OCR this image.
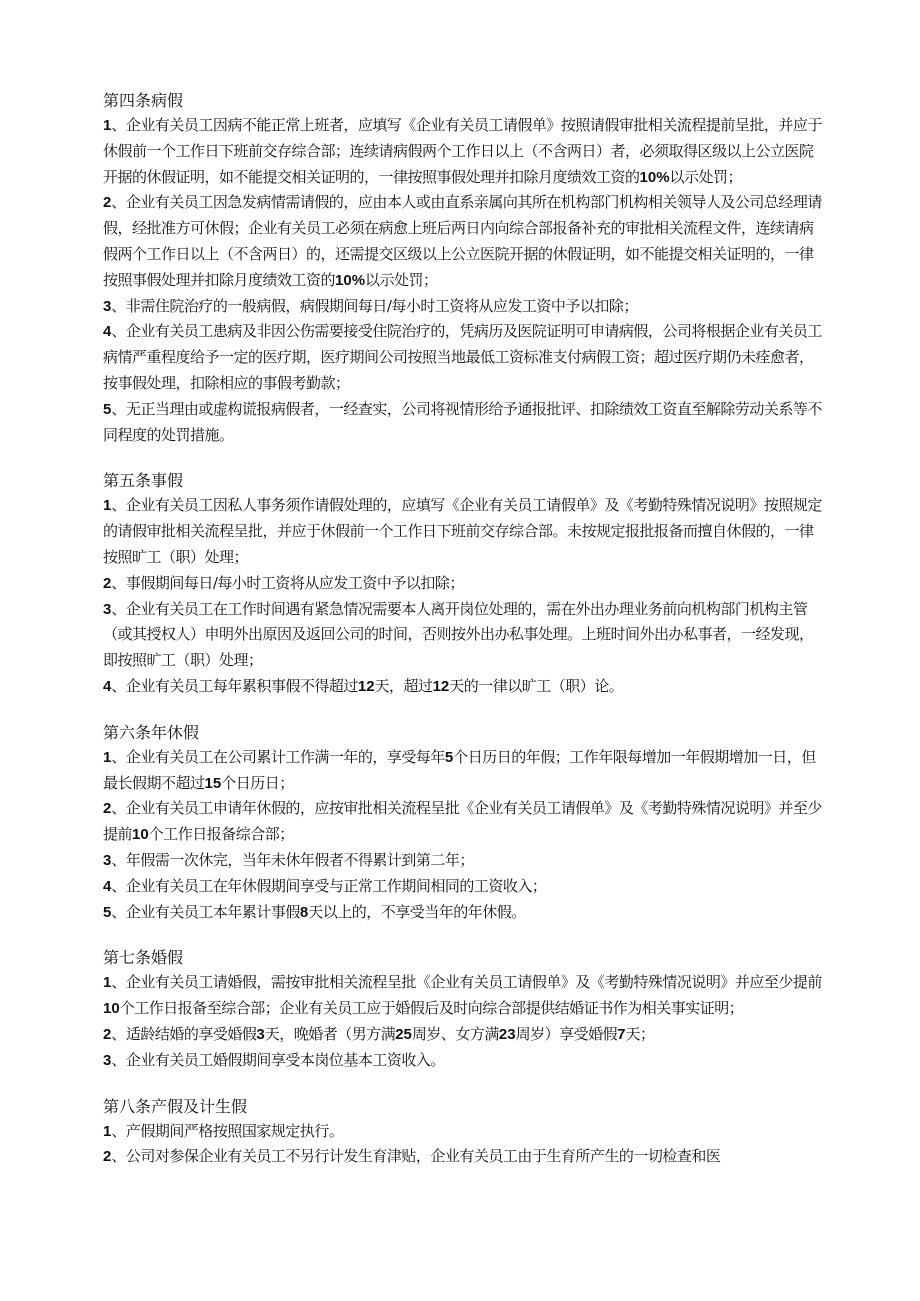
第四条病假

1、企业有关员工因病不能正常上班者，应填写《企业有关员工请假单》按照请假审批相关流程提前呈批，并应于休假前一个工作日下班前交存综合部；连续请病假两个工作日以上（不含两日）者，必须取得区级以上公立医院开据的休假证明，如不能提交相关证明的，一律按照事假处理并扣除月度绩效工资的10%以示处罚；

2、企业有关员工因急发病情需请假的，应由本人或由直系亲属向其所在机构部门机构相关领导人及公司总经理请假，经批准方可休假；企业有关员工必须在病愈上班后两日内向综合部报备补充的审批相关流程文件，连续请病假两个工作日以上（不含两日）的，还需提交区级以上公立医院开据的休假证明，如不能提交相关证明的，一律按照事假处理并扣除月度绩效工资的10%以示处罚；

3、非需住院治疗的一般病假，病假期间每日/每小时工资将从应发工资中予以扣除；

4、企业有关员工患病及非因公伤需要接受住院治疗的，凭病历及医院证明可申请病假，公司将根据企业有关员工病情严重程度给予一定的医疗期，医疗期间公司按照当地最低工资标准支付病假工资；超过医疗期仍未痊愈者，按事假处理，扣除相应的事假考勤款；

5、无正当理由或虚构谎报病假者，一经查实，公司将视情形给予通报批评、扣除绩效工资直至解除劳动关系等不同程度的处罚措施。

第五条事假

1、企业有关员工因私人事务须作请假处理的，应填写《企业有关员工请假单》及《考勤特殊情况说明》按照规定的请假审批相关流程呈批，并应于休假前一个工作日下班前交存综合部。未按规定报批报备而擅自休假的，一律按照旷工（职）处理；

2、事假期间每日/每小时工资将从应发工资中予以扣除；

3、企业有关员工在工作时间遇有紧急情况需要本人离开岗位处理的，需在外出办理业务前向机构部门机构主管（或其授权人）申明外出原因及返回公司的时间，否则按外出办私事处理。上班时间外出办私事者，一经发现，即按照旷工（职）处理；

4、企业有关员工每年累积事假不得超过12天，超过12天的一律以旷工（职）论。

第六条年休假

1、企业有关员工在公司累计工作满一年的，享受每年5个日历日的年假；工作年限每增加一年假期增加一日，但最长假期不超过15个日历日；

2、企业有关员工申请年休假的，应按审批相关流程呈批《企业有关员工请假单》及《考勤特殊情况说明》并至少提前10个工作日报备综合部；

3、年假需一次休完，当年未休年假者不得累计到第二年；

4、企业有关员工在年休假期间享受与正常工作期间相同的工资收入；

5、企业有关员工本年累计事假8天以上的，不享受当年的年休假。

第七条婚假

1、企业有关员工请婚假，需按审批相关流程呈批《企业有关员工请假单》及《考勤特殊情况说明》并应至少提前10个工作日报备至综合部；企业有关员工应于婚假后及时向综合部提供结婚证书作为相关事实证明；

2、适龄结婚的享受婚假3天，晚婚者（男方满25周岁、女方满23周岁）享受婚假7天；

3、企业有关员工婚假期间享受本岗位基本工资收入。

第八条产假及计生假

1、产假期间严格按照国家规定执行。

2、公司对参保企业有关员工不另行计发生育津贴，企业有关员工由于生育所产生的一切检查和医
